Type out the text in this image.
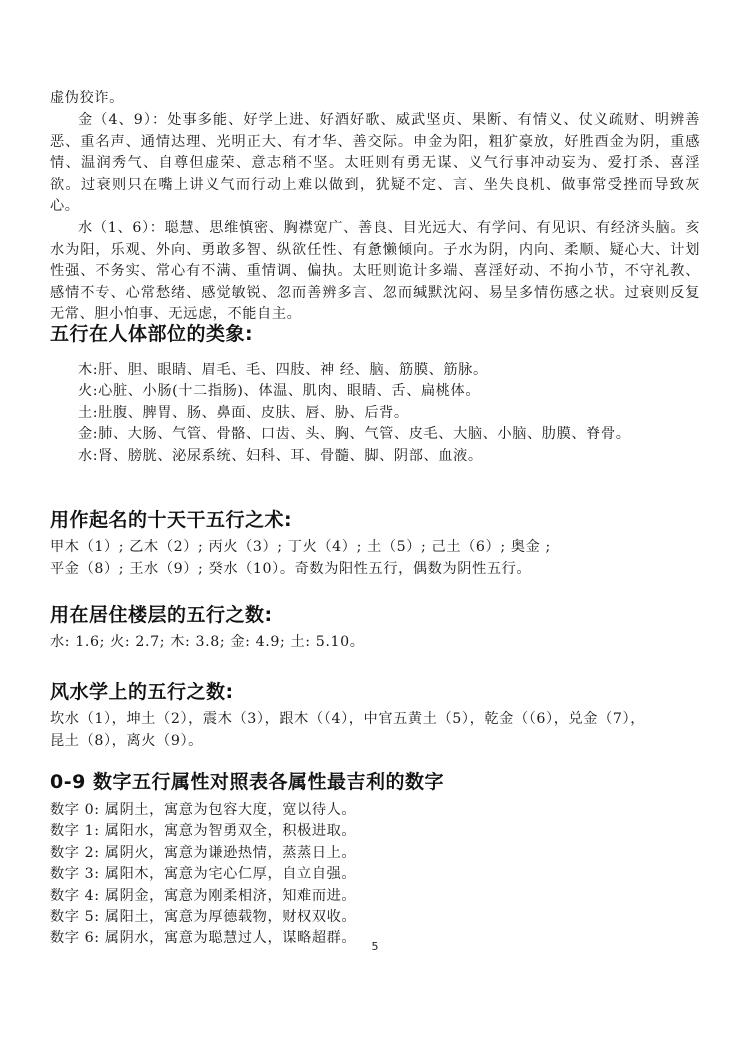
虚伪狡诈。

金（4、9）：处事多能、好学上进、好酒好歌、威武坚贞、果断、有情义、仗义疏财、明辨善恶、重名声、通情达理、光明正大、有才华、善交际。申金为阳，粗犷豪放，好胜酉金为阴，重感情、温润秀气、自尊但虚荣、意志稍不坚。太旺则有勇无谋、义气行事冲动妄为、爱打杀、喜淫欲。过衰则只在嘴上讲义气而行动上难以做到，犹疑不定、言、坐失良机、做事常受挫而导致灰心。

水（1、6）：聪慧、思维慎密、胸襟宽广、善良、目光远大、有学问、有见识、有经济头脑。亥水为阳，乐观、外向、勇敢多智、纵欲任性、有惫懒倾向。子水为阴，内向、柔顺、疑心大、计划性强、不务实、常心有不满、重情调、偏执。太旺则诡计多端、喜淫好动、不拘小节，不守礼教、感情不专、心常愁绪、感觉敏锐、忽而善辨多言、忽而缄默沈闷、易呈多情伤感之状。过衰则反复无常、胆小怕事、无远虑，不能自主。

五行在人体部位的类象:
木:肝、胆、眼睛、眉毛、毛、四肢、神 经、脑、筋膜、筋脉。
火:心脏、小肠(十二指肠)、体温、肌肉、眼睛、舌、扁桃体。
土:肚腹、脾胃、肠、鼻面、皮肤、唇、胁、后背。
金:肺、大肠、气管、骨骼、口齿、头、胸、气管、皮毛、大脑、小脑、肋膜、脊骨。
水:肾、膀胱、泌尿系统、妇科、耳、骨髓、脚、阴部、血液。
用作起名的十天干五行之术:

甲木（1）; 乙木（2）; 丙火（3）; 丁火（4）; 土（5）; 己土（6）; 奥金 ;

平金（8）; 王水（9）; 癸水（10）。奇数为阳性五行，偶数为阴性五行。

用在居住楼层的五行之数:

水: 1.6; 火: 2.7; 木: 3.8; 金: 4.9; 土: 5.10。

风水学上的五行之数:

坎水（1），坤土（2），震木（3），跟木（（4），中官五黄土（5），乾金（（6），兑金（7），

昆土（8），离火（9）。

0-9 数字五行属性对照表各属性最吉利的数字
数字 0: 属阴土，寓意为包容大度，宽以待人。
数字 1: 属阳水，寓意为智勇双全，积极进取。
数字 2: 属阴火，寓意为谦逊热情，蒸蒸日上。
数字 3: 属阳木，寓意为宅心仁厚，自立自强。
数字 4: 属阴金，寓意为刚柔相济，知难而进。
数字 5: 属阳土，寓意为厚德载物，财权双收。
数字 6: 属阴水，寓意为聪慧过人，谋略超群。
5
